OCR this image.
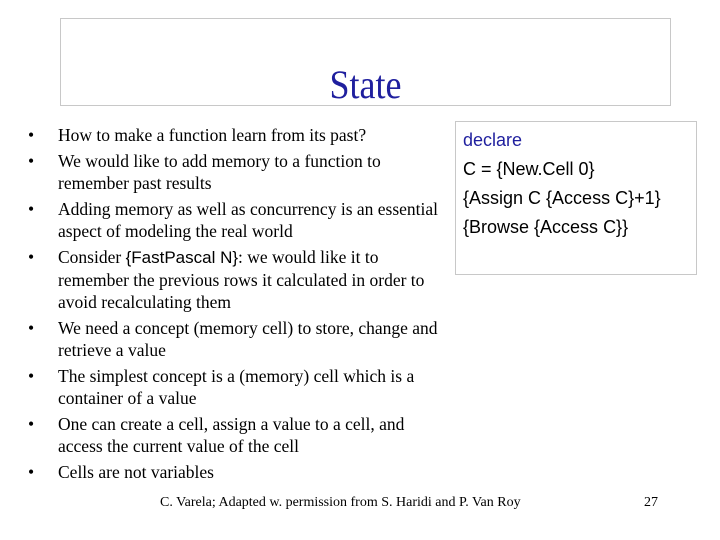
State
• How to make a function learn from its past?
• We would like to add memory to a function to remember past results
• Adding memory as well as concurrency is an essential aspect of modeling the real world
• Consider {FastPascal N}: we would like it to remember the previous rows it calculated in order to avoid recalculating them
• We need a concept (memory cell) to store, change and retrieve a value
• The simplest concept is a (memory) cell which is a container of a value
• One can create a cell, assign a value to a cell, and access the current value of the cell
• Cells are not variables
declare
C = {New.Cell 0}
{Assign C {Access C}+1}
{Browse {Access C}}
C. Varela; Adapted w. permission from S. Haridi and P. Van Roy	27
